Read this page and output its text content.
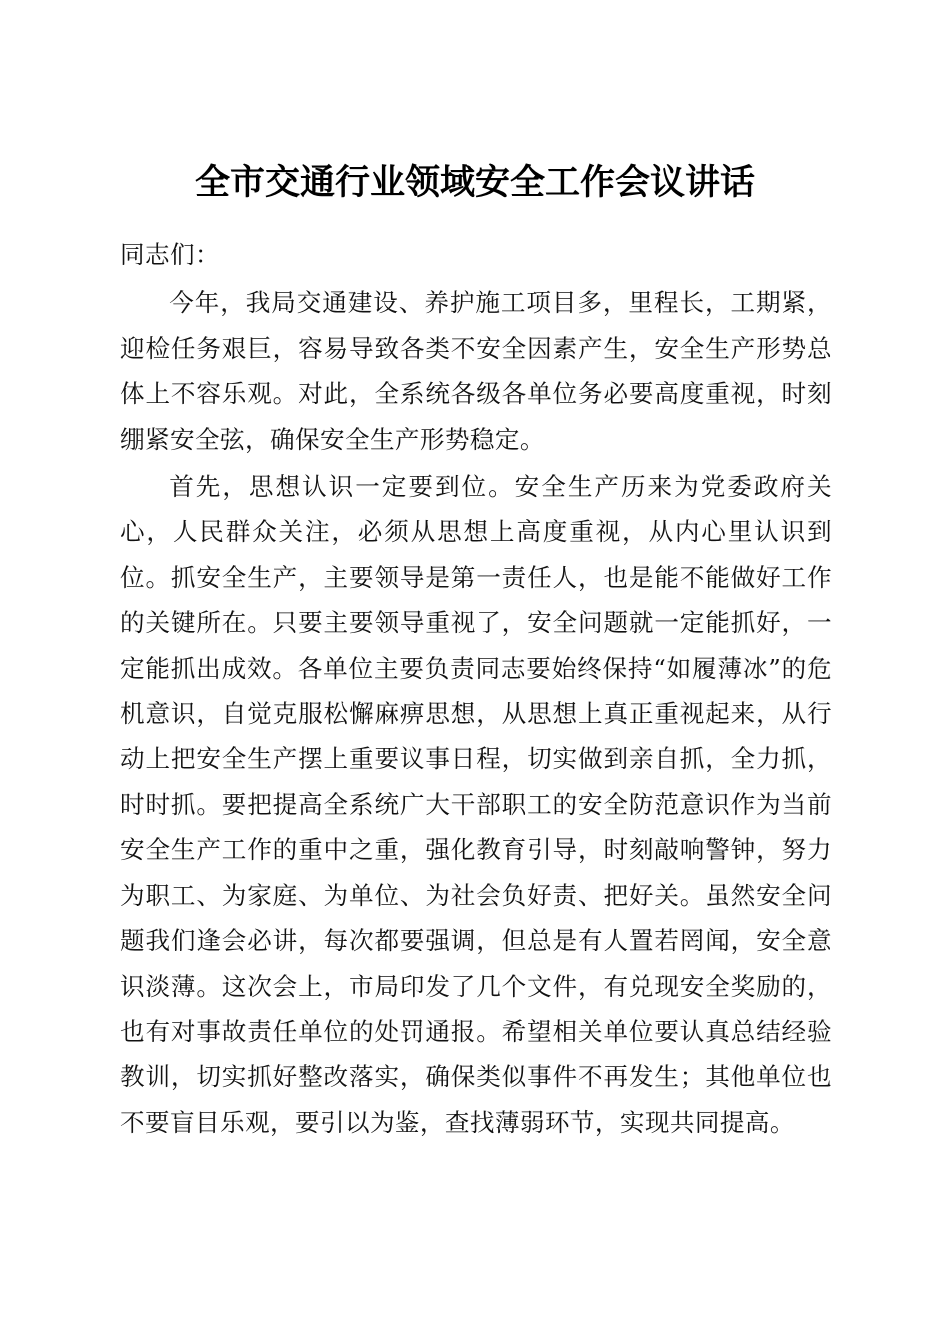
全市交通行业领域安全工作会议讲话

同志们：

今年，我局交通建设、养护施工项目多，里程长，工期紧，迎检任务艰巨，容易导致各类不安全因素产生，安全生产形势总体上不容乐观。对此，全系统各级各单位务必要高度重视，时刻绷紧安全弦，确保安全生产形势稳定。

首先，思想认识一定要到位。安全生产历来为党委政府关心，人民群众关注，必须从思想上高度重视，从内心里认识到位。抓安全生产，主要领导是第一责任人，也是能不能做好工作的关键所在。只要主要领导重视了，安全问题就一定能抓好，一定能抓出成效。各单位主要负责同志要始终保持“如履薄冰”的危机意识，自觉克服松懈麻痹思想，从思想上真正重视起来，从行动上把安全生产摆上重要议事日程，切实做到亲自抓，全力抓，时时抓。要把提高全系统广大干部职工的安全防范意识作为当前安全生产工作的重中之重，强化教育引导，时刻敲响警钟，努力为职工、为家庭、为单位、为社会负好责、把好关。虽然安全问题我们逢会必讲，每次都要强调，但总是有人置若罔闻，安全意识淡薄。这次会上，市局印发了几个文件，有兑现安全奖励的，也有对事故责任单位的处罚通报。希望相关单位要认真总结经验教训，切实抓好整改落实，确保类似事件不再发生；其他单位也不要盲目乐观，要引以为鉴，查找薄弱环节，实现共同提高。
